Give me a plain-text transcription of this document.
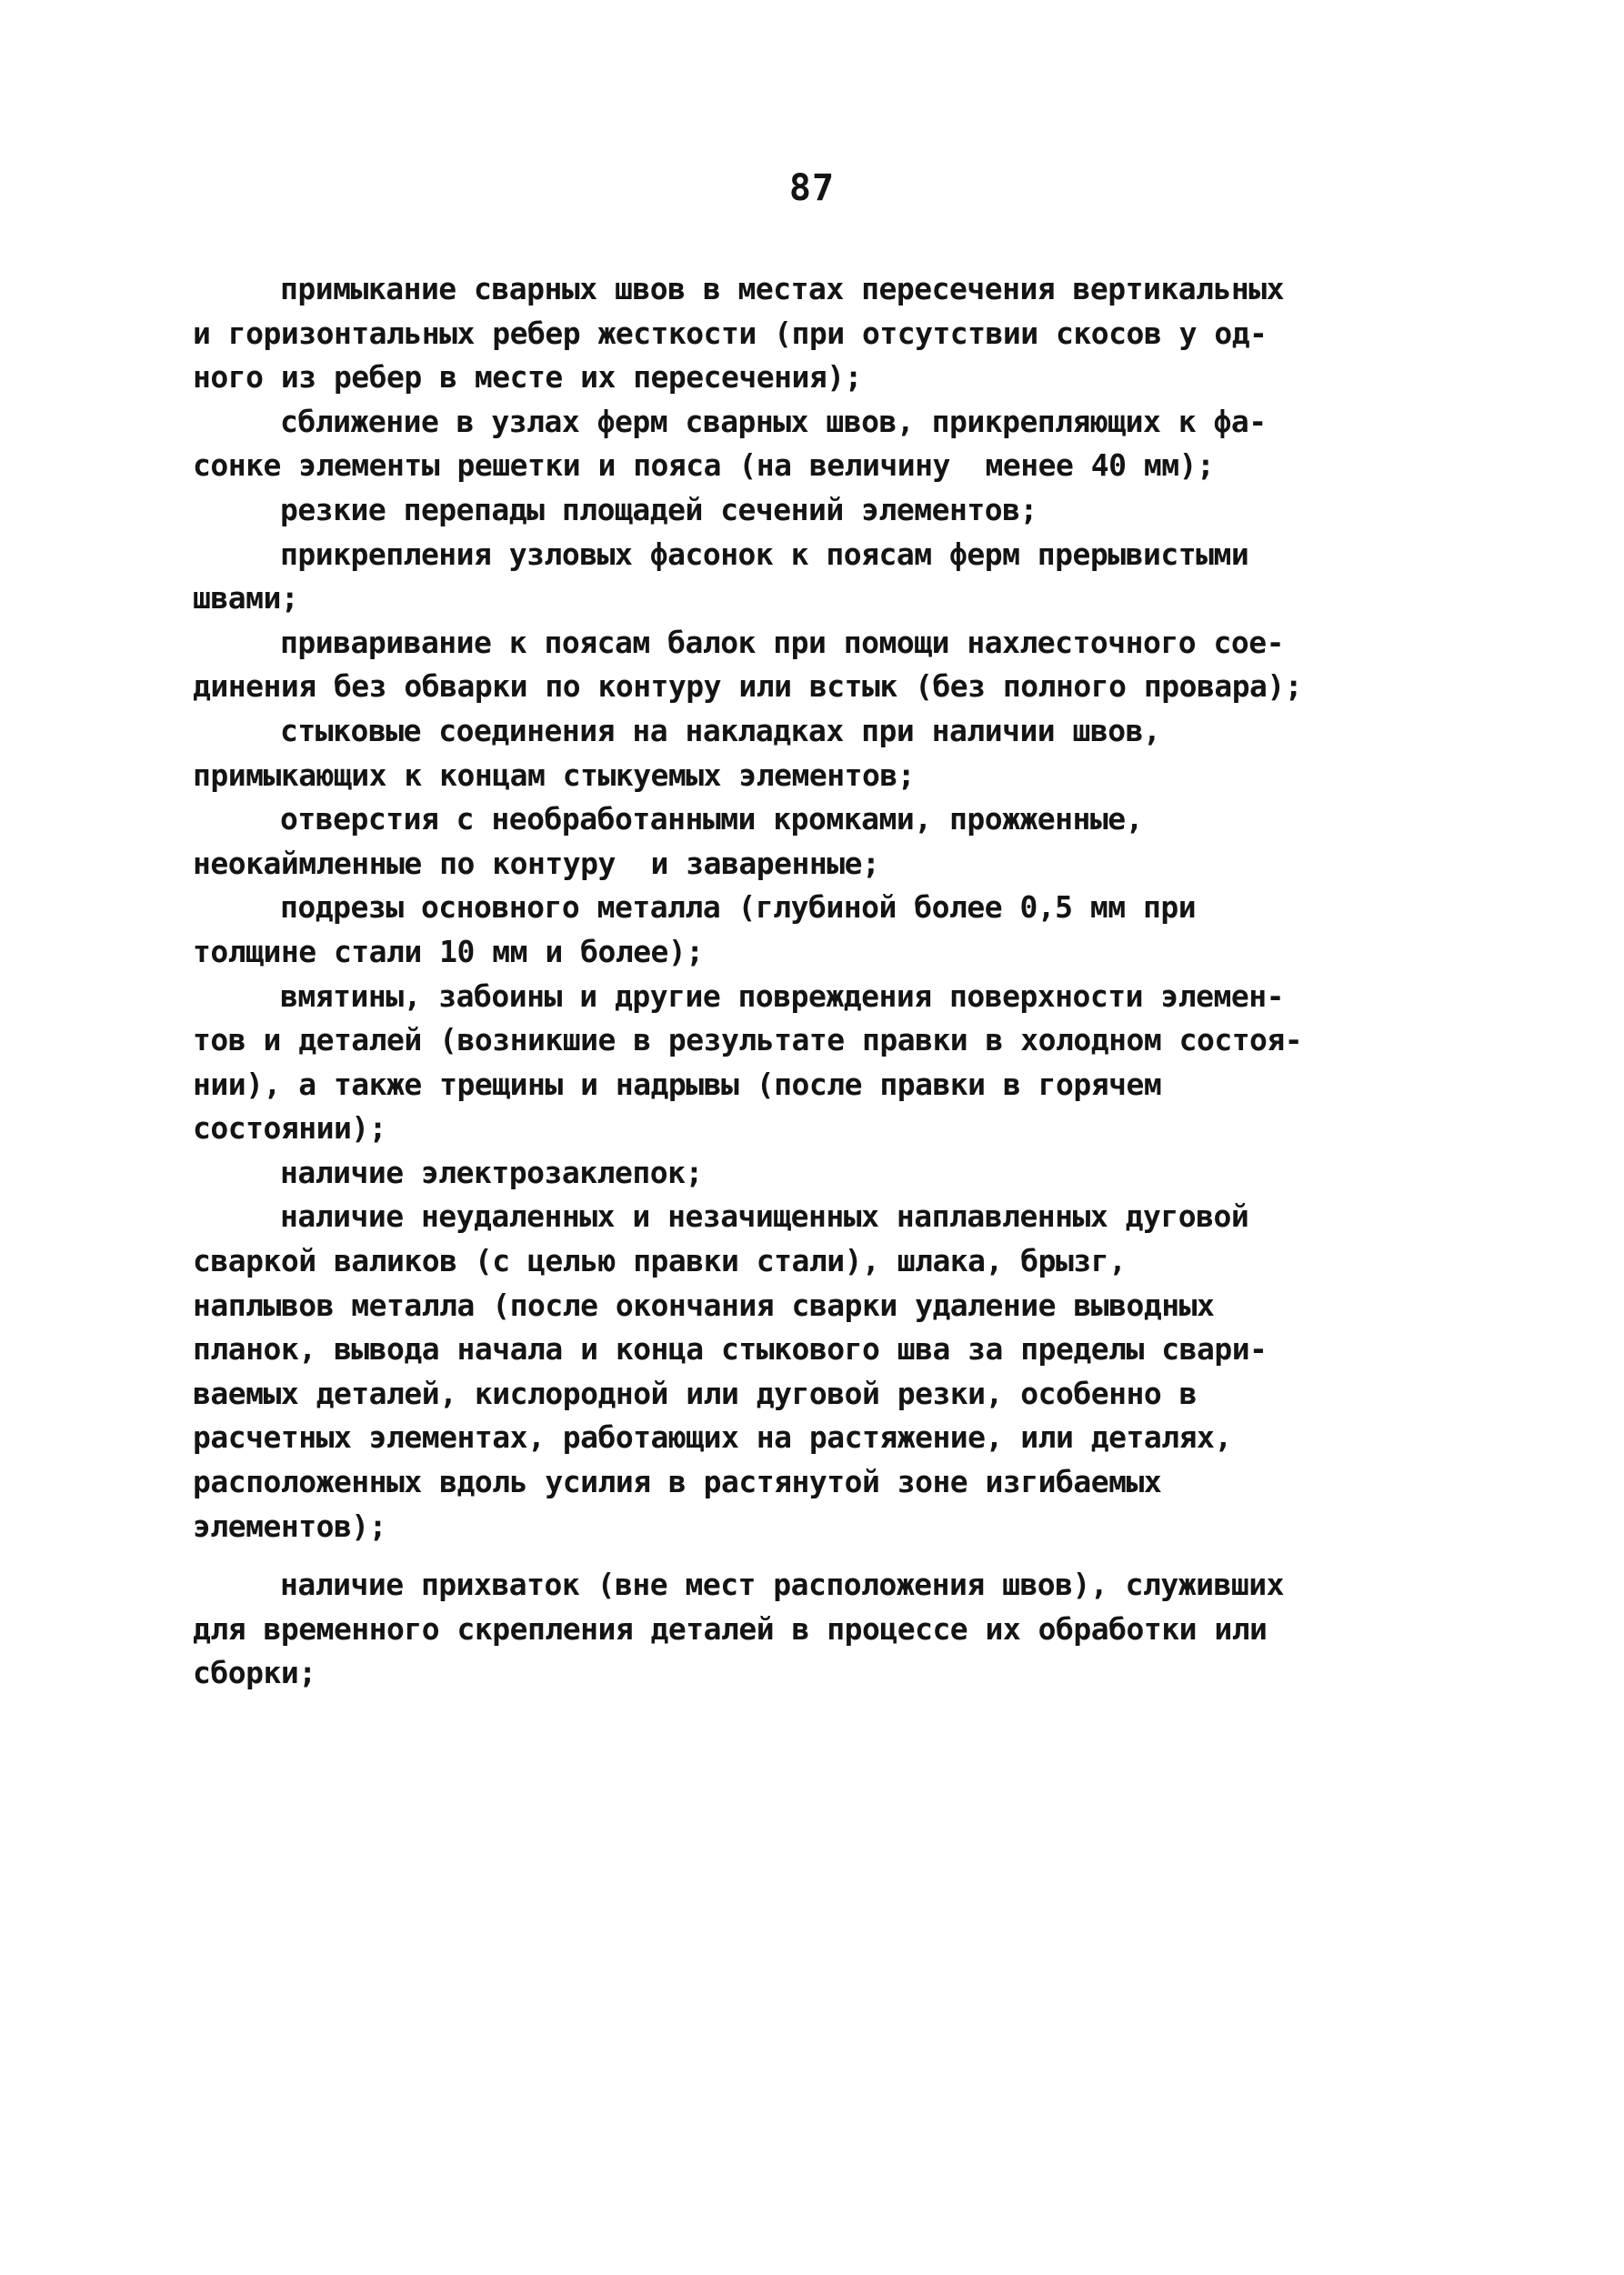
87
примыкание сварных швов в местах пересечения вертикальных
и горизонтальных ребер жесткости (при отсутствии скосов у од-
ного из ребер в месте их пересечения);
сближение в узлах ферм сварных швов, прикрепляющих к фа-
сонке элементы решетки и пояса (на величину  менее 40 мм);
резкие перепады площадей сечений элементов;
прикрепления узловых фасонок к поясам ферм прерывистыми
швами;
приваривание к поясам балок при помощи нахлесточного сое-
динения без обварки по контуру или встык (без полного провара);
стыковые соединения на накладках при наличии швов,
примыкающих к концам стыкуемых элементов;
отверстия с необработанными кромками, прожженные,
неокаймленные по контуру  и заваренные;
подрезы основного металла (глубиной более 0,5 мм при
толщине стали 10 мм и более);
вмятины, забоины и другие повреждения поверхности элемен-
тов и деталей (возникшие в результате правки в холодном состоя-
нии), а также трещины и надрывы (после правки в горячем
состоянии);
наличие электрозаклепок;
наличие неудаленных и незачищенных наплавленных дуговой
сваркой валиков (с целью правки стали), шлака, брызг,
наплывов металла (после окончания сварки удаление выводных
планок, вывода начала и конца стыкового шва за пределы свари-
ваемых деталей, кислородной или дуговой резки, особенно в
расчетных элементах, работающих на растяжение, или деталях,
расположенных вдоль усилия в растянутой зоне изгибаемых
элементов);
наличие прихваток (вне мест расположения швов), служивших
для временного скрепления деталей в процессе их обработки или
сборки;
